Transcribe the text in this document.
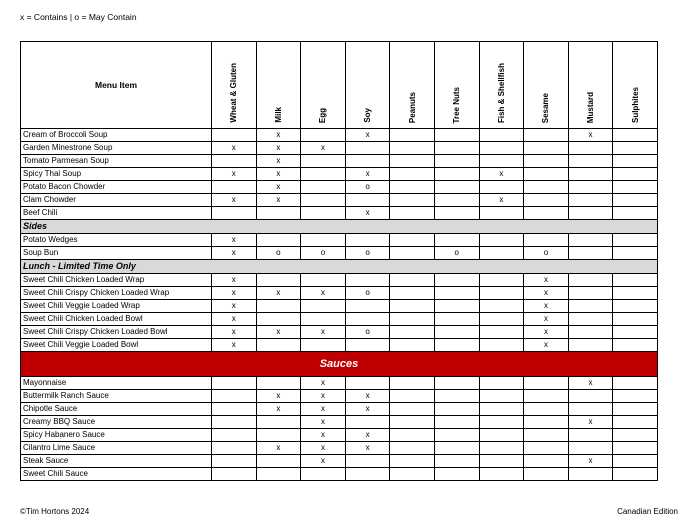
x = Contains | o = May Contain
Menu Item	Wheat & Gluten	Milk	Egg	Soy	Peanuts	Tree Nuts	Fish & Shellfish	Sesame	Mustard	Sulphites
Cream of Broccoli Soup		x		x					x	
Garden Minestrone Soup	x	x	x							
Tomato Parmesan Soup		x								
Spicy Thai Soup	x	x		x			x			
Potato Bacon Chowder		x		o						
Clam Chowder	x	x					x			
Beef Chili				x						
Sides										
Potato Wedges	x									
Soup Bun	x	o	o	o		o		o		
Lunch - Limited Time Only										
Sweet Chili Chicken Loaded Wrap	x							x		
Sweet Chili Crispy Chicken Loaded Wrap	x	x	x	o				x		
Sweet Chili Veggie Loaded Wrap	x							x		
Sweet Chili Chicken Loaded Bowl	x							x		
Sweet Chili Crispy Chicken Loaded Bowl	x	x	x	o				x		
Sweet Chili Veggie Loaded Bowl	x							x		
Sauces										
Mayonnaise			x						x	
Buttermilk Ranch Sauce		x	x	x						
Chipotle Sauce		x	x	x						
Creamy BBQ Sauce			x						x	
Spicy Habanero Sauce			x	x						
Cilantro Lime Sauce		x	x	x						
Steak Sauce			x						x	
Sweet Chili Sauce										
©Tim Hortons 2024	Canadian Edition
